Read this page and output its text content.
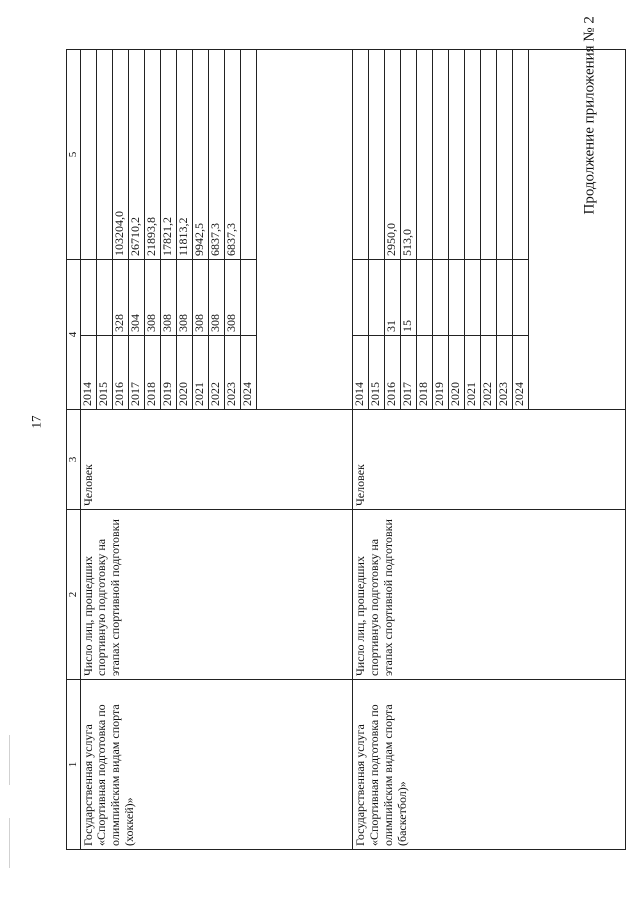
17
Продолжение приложения № 2
1	2	3	4		5
Государственная услуга «Спортивная подготовка по олимпийским видам спорта (хоккей)»	Число лиц, прошедших спортивную подготовку на этапах спортивной подготовки	Человек	2014		
			2015		
			2016	328	103204,0
			2017	304	26710,2
			2018	308	21893,8
			2019	308	17821,2
			2020	308	11813,2
			2021	308	9942,5
			2022	308	6837,3
			2023	308	6837,3
			2024		

Государственная услуга «Спортивная подготовка по олимпийским видам спорта (баскетбол)»	Число лиц, прошедших спортивную подготовку на этапах спортивной подготовки	Человек	2014		
			2015		
			2016	31	2950,0
			2017	15	513,0
			2018		
			2019		
			2020		
			2021		
			2022		
			2023		
			2024		
